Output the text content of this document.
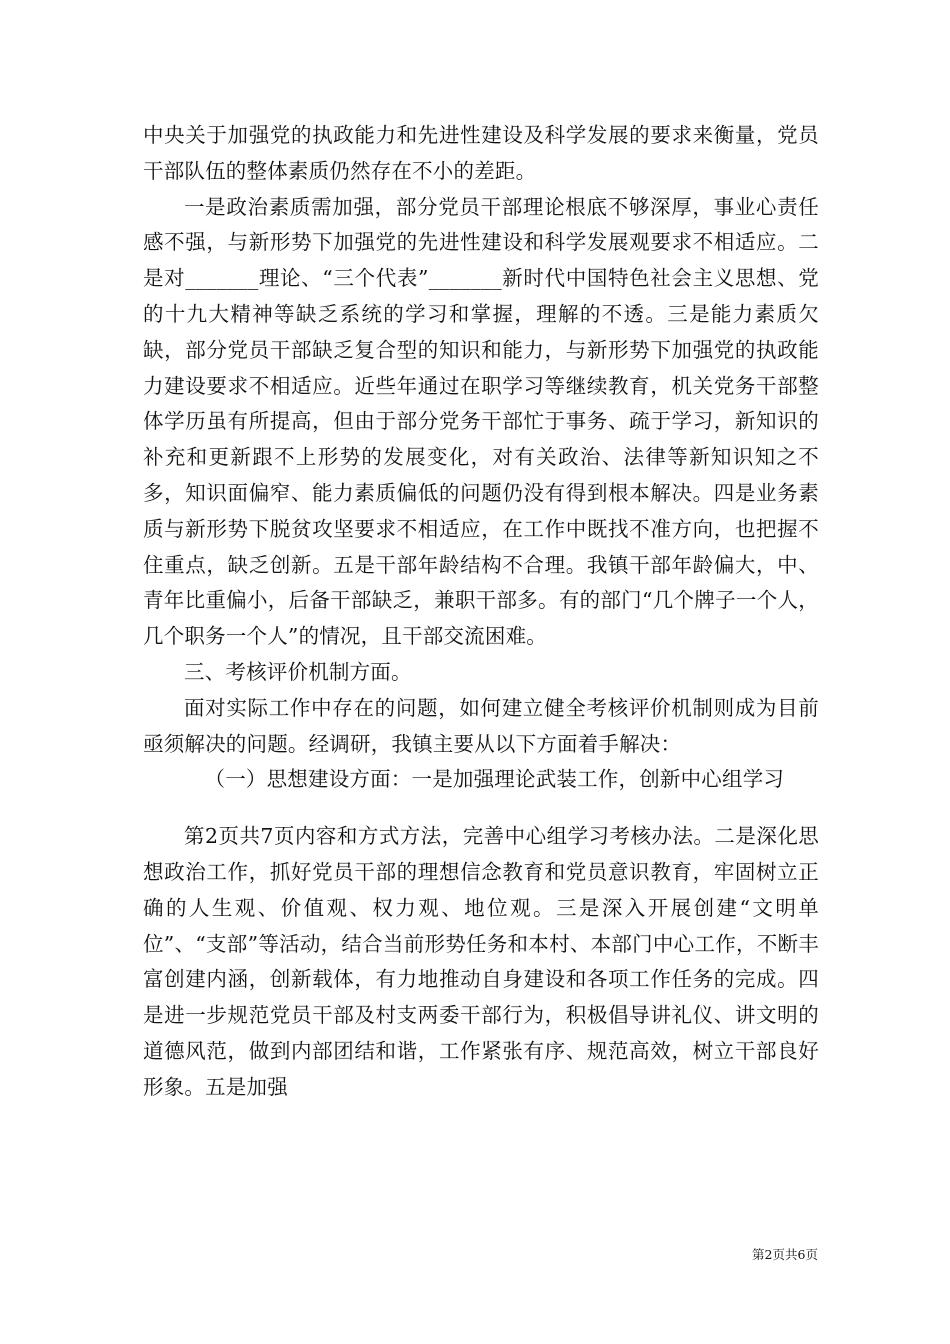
中央关于加强党的执政能力和先进性建设及科学发展的要求来衡量，党员干部队伍的整体素质仍然存在不小的差距。

一是政治素质需加强，部分党员干部理论根底不够深厚，事业心责任感不强，与新形势下加强党的先进性建设和科学发展观要求不相适应。二是对_______理论、“三个代表”_______新时代中国特色社会主义思想、党的十九大精神等缺乏系统的学习和掌握，理解的不透。三是能力素质欠缺，部分党员干部缺乏复合型的知识和能力，与新形势下加强党的执政能力建设要求不相适应。近些年通过在职学习等继续教育，机关党务干部整体学历虽有所提高，但由于部分党务干部忙于事务、疏于学习，新知识的补充和更新跟不上形势的发展变化，对有关政治、法律等新知识知之不多，知识面偏窄、能力素质偏低的问题仍没有得到根本解决。四是业务素质与新形势下脱贫攻坚要求不相适应，在工作中既找不准方向，也把握不住重点，缺乏创新。五是干部年龄结构不合理。我镇干部年龄偏大，中、青年比重偏小，后备干部缺乏，兼职干部多。有的部门“几个牌子一个人，几个职务一个人”的情况，且干部交流困难。

三、考核评价机制方面。

面对实际工作中存在的问题，如何建立健全考核评价机制则成为目前亟须解决的问题。经调研，我镇主要从以下方面着手解决：

（一）思想建设方面：一是加强理论武装工作，创新中心组学习

第2页共7页内容和方式方法，完善中心组学习考核办法。二是深化思想政治工作，抓好党员干部的理想信念教育和党员意识教育，牢固树立正确的人生观、价值观、权力观、地位观。三是深入开展创建“文明单位”、“支部”等活动，结合当前形势任务和本村、本部门中心工作，不断丰富创建内涵，创新载体，有力地推动自身建设和各项工作任务的完成。四是进一步规范党员干部及村支两委干部行为，积极倡导讲礼仪、讲文明的道德风范，做到内部团结和谐，工作紧张有序、规范高效，树立干部良好形象。五是加强

第2页共6页
